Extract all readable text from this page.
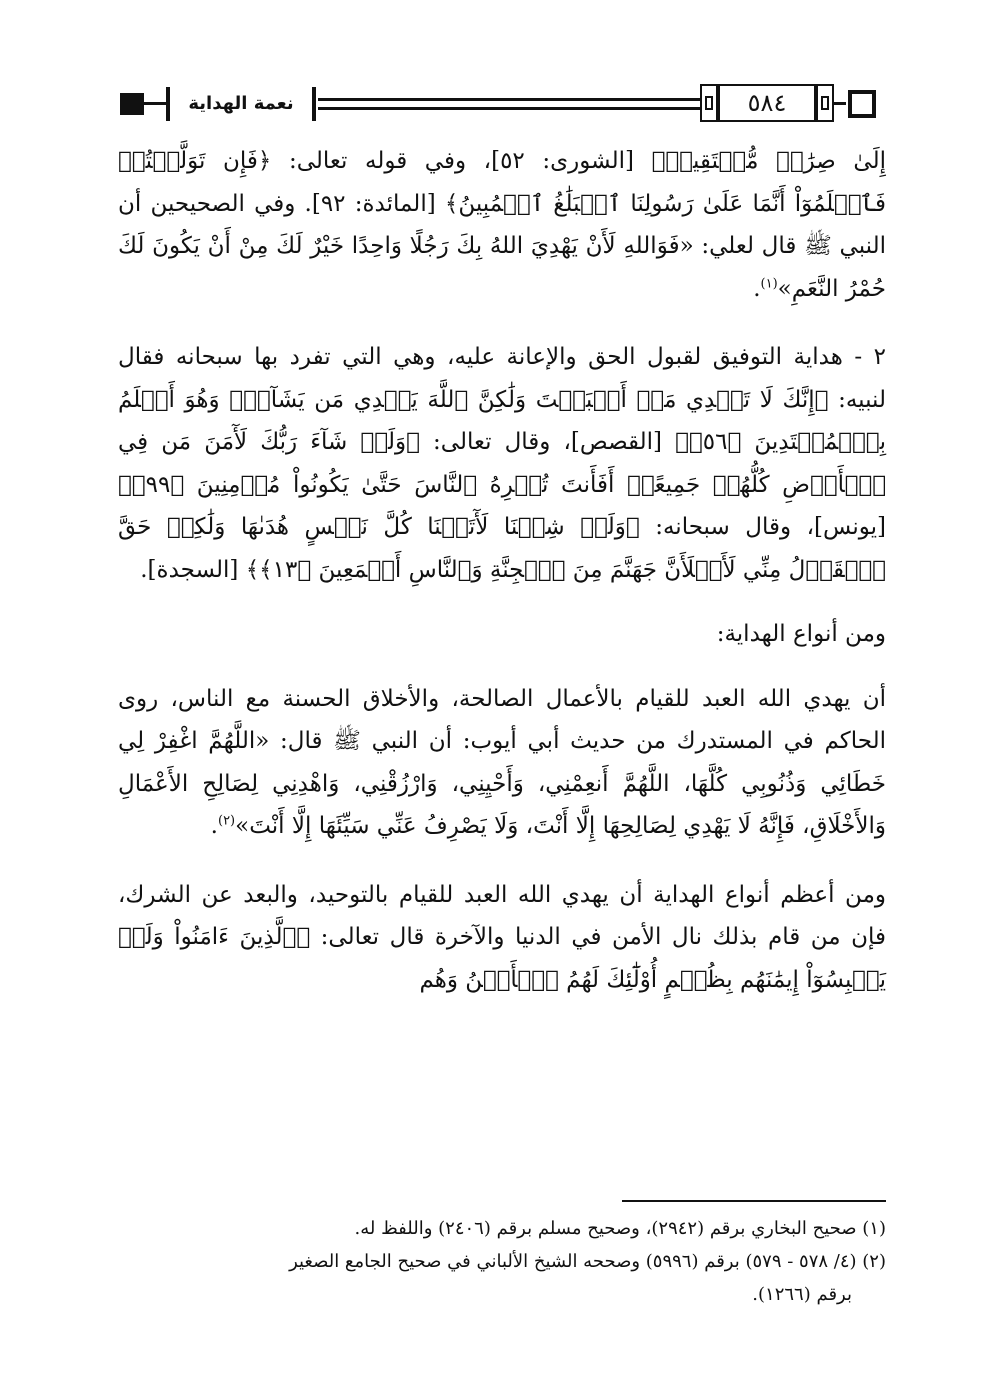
نعمة الهداية	٥٨٤

إِلَىٰ صِرَٰطٖ مُّسۡتَقِيمٖ﴾ [الشورى: ٥٢]، وفي قوله تعالى: ﴿فَإِن تَوَلَّيۡتُمۡ فَٱعۡلَمُوٓاْ أَنَّمَا عَلَىٰ رَسُولِنَا ٱلۡبَلَٰغُ ٱلۡمُبِينُ﴾ [المائدة: ٩٢]. وفي الصحيحين أن النبي ﷺ قال لعلي: «فَوَاللهِ لَأَنْ يَهْدِيَ اللهُ بِكَ رَجُلًا وَاحِدًا خَيْرٌ لَكَ مِنْ أَنْ يَكُونَ لَكَ حُمْرُ النَّعَمِ»$^{(١)}$.

٢ - هداية التوفيق لقبول الحق والإعانة عليه، وهي التي تفرد بها سبحانه فقال لنبيه: ﴿إِنَّكَ لَا تَهۡدِي مَنۡ أَحۡبَبۡتَ وَلَٰكِنَّ ٱللَّهَ يَهۡدِي مَن يَشَآءُۚ وَهُوَ أَعۡلَمُ بِٱلۡمُهۡتَدِينَ ﴿٥٦﴾﴾ [القصص]، وقال تعالى: ﴿وَلَوۡ شَآءَ رَبُّكَ لَأٓمَنَ مَن فِي ٱلۡأَرۡضِ كُلُّهُمۡ جَمِيعًاۚ أَفَأَنتَ تُكۡرِهُ ٱلنَّاسَ حَتَّىٰ يَكُونُواْ مُؤۡمِنِينَ ﴿٩٩﴾﴾ [يونس]، وقال سبحانه: ﴿وَلَوۡ شِئۡنَا لَأٓتَيۡنَا كُلَّ نَفۡسٍ هُدَىٰهَا وَلَٰكِنۡ حَقَّ ٱلۡقَوۡلُ مِنِّي لَأَمۡلَأَنَّ جَهَنَّمَ مِنَ ٱلۡجِنَّةِ وَٱلنَّاسِ أَجۡمَعِينَ ﴿١٣﴾﴾ [السجدة].

ومن أنواع الهداية:

أن يهدي الله العبد للقيام بالأعمال الصالحة، والأخلاق الحسنة مع الناس، روى الحاكم في المستدرك من حديث أبي أيوب: أن النبي ﷺ قال: «اللَّهُمَّ اغْفِرْ لِي خَطَائِي وَذُنُوبِي كُلَّهَا، اللَّهُمَّ أَنعِمْنِي، وَأَحْيِنِي، وَارْزُقْنِي، وَاهْدِنِي لِصَالِحِ الأَعْمَالِ وَالأَخْلَاقِ، فَإِنَّهُ لَا يَهْدِي لِصَالِحِهَا إِلَّا أَنْتَ، وَلَا يَصْرِفُ عَنِّي سَيِّئَهَا إِلَّا أَنْتَ»$^{(٢)}$.

ومن أعظم أنواع الهداية أن يهدي الله العبد للقيام بالتوحيد، والبعد عن الشرك، فإن من قام بذلك نال الأمن في الدنيا والآخرة قال تعالى: ﴿ٱلَّذِينَ ءَامَنُواْ وَلَمۡ يَلۡبِسُوٓاْ إِيمَٰنَهُم بِظُلۡمٍ أُوْلَٰٓئِكَ لَهُمُ ٱلۡأَمۡنُ وَهُم

(١) صحيح البخاري برقم (٢٩٤٢)، وصحيح مسلم برقم (٢٤٠٦) واللفظ له.

(٢) (٤/ ٥٧٨ - ٥٧٩) برقم (٥٩٩٦) وصححه الشيخ الألباني في صحيح الجامع الصغير

برقم (١٢٦٦).
